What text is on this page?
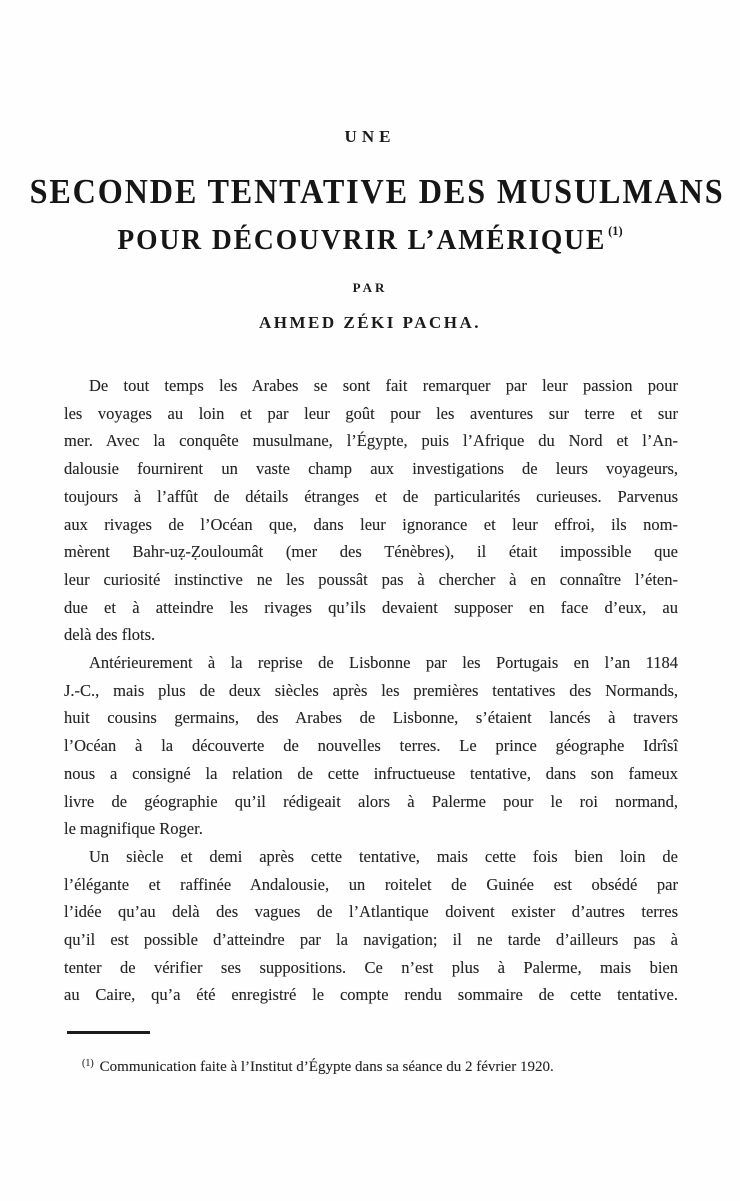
UNE
SECONDE TENTATIVE DES MUSULMANS
POUR DÉCOUVRIR L’AMÉRIQUE $^{(1)}$
PAR
AHMED ZÉKI PACHA.
De tout temps les Arabes se sont fait remarquer par leur passion pour
les voyages au loin et par leur goût pour les aventures sur terre et sur
mer. Avec la conquête musulmane, l’Égypte, puis l’Afrique du Nord et l’An-
dalousie fournirent un vaste champ aux investigations de leurs voyageurs,
toujours à l’affût de détails étranges et de particularités curieuses. Parvenus
aux rivages de l’Océan que, dans leur ignorance et leur effroi, ils nom-
mèrent Bahr-uẓ-Ẓouloumât (mer des Ténèbres), il était impossible que
leur curiosité instinctive ne les poussât pas à chercher à en connaître l’éten-
due et à atteindre les rivages qu’ils devaient supposer en face d’eux, au
delà des flots.
Antérieurement à la reprise de Lisbonne par les Portugais en l’an 1184
J.-C., mais plus de deux siècles après les premières tentatives des Normands,
huit cousins germains, des Arabes de Lisbonne, s’étaient lancés à travers
l’Océan à la découverte de nouvelles terres. Le prince géographe Idrîsî
nous a consigné la relation de cette infructueuse tentative, dans son fameux
livre de géographie qu’il rédigeait alors à Palerme pour le roi normand,
le magnifique Roger.
Un siècle et demi après cette tentative, mais cette fois bien loin de
l’élégante et raffinée Andalousie, un roitelet de Guinée est obsédé par
l’idée qu’au delà des vagues de l’Atlantique doivent exister d’autres terres
qu’il est possible d’atteindre par la navigation; il ne tarde d’ailleurs pas à
tenter de vérifier ses suppositions. Ce n’est plus à Palerme, mais bien
au Caire, qu’a été enregistré le compte rendu sommaire de cette tentative.
$^{(1)}$ Communication faite à l’Institut d’Égypte dans sa séance du 2 février 1920.
